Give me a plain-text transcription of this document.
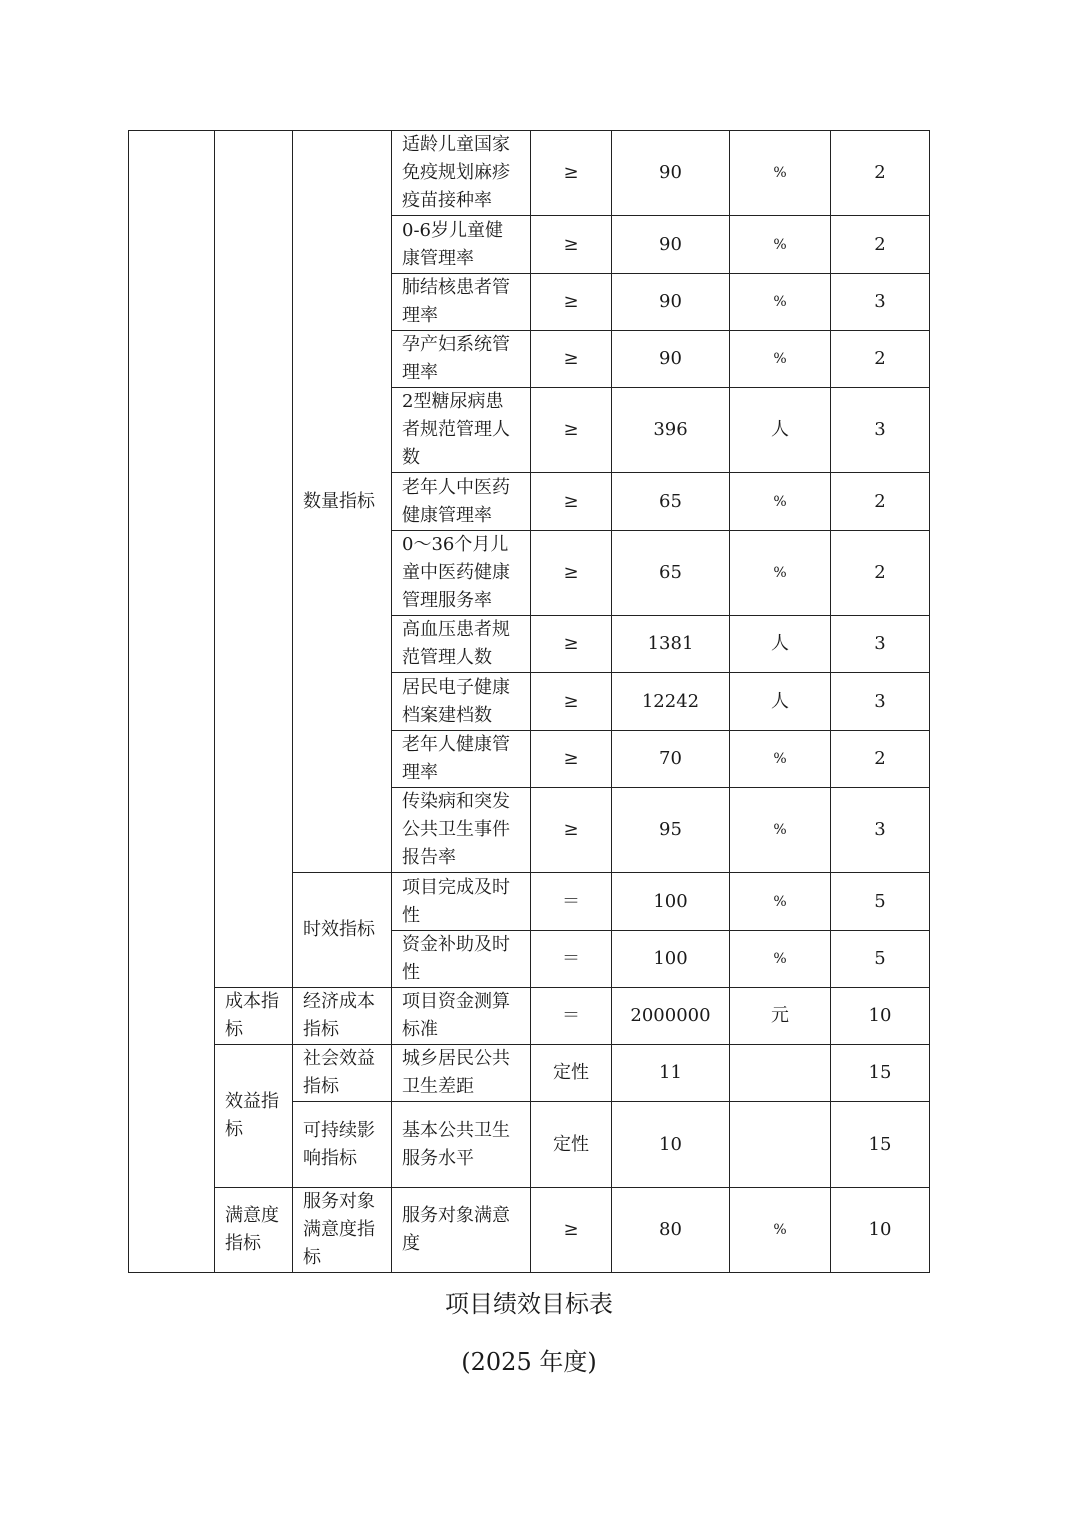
		数量指标	适龄儿童国家免疫规划麻疹疫苗接种率	≥	90	%	2
			0-6岁儿童健康管理率	≥	90	%	2
			肺结核患者管理率	≥	90	%	3
			孕产妇系统管理率	≥	90	%	2
			2型糖尿病患者规范管理人数	≥	396	人	3
			老年人中医药健康管理率	≥	65	%	2
			0～36个月儿童中医药健康管理服务率	≥	65	%	2
			高血压患者规范管理人数	≥	1381	人	3
			居民电子健康档案建档数	≥	12242	人	3
			老年人健康管理率	≥	70	%	2
			传染病和突发公共卫生事件报告率	≥	95	%	3
		时效指标	项目完成及时性	＝	100	%	5
			资金补助及时性	＝	100	%	5
	成本指标	经济成本指标	项目资金测算标准	＝	2000000	元	10
	效益指标	社会效益指标	城乡居民公共卫生差距	定性	11		15
		可持续影响指标	基本公共卫生服务水平	定性	10		15
	满意度指标	服务对象满意度指标	服务对象满意度	≥	80	%	10
项目绩效目标表
(2025 年度)
